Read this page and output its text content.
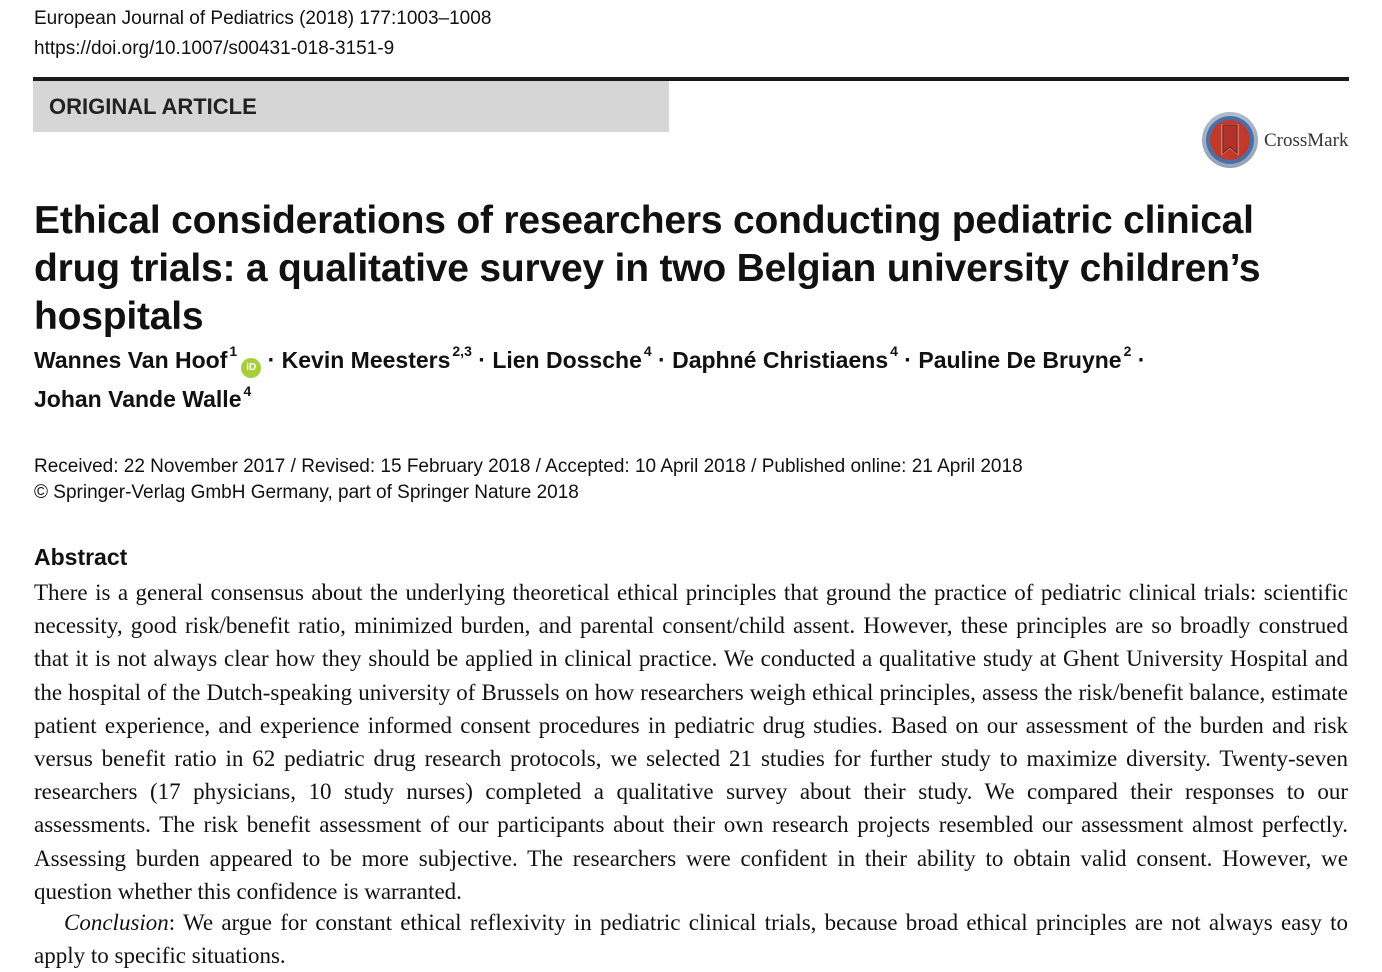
European Journal of Pediatrics (2018) 177:1003–1008
https://doi.org/10.1007/s00431-018-3151-9
ORIGINAL ARTICLE
CrossMark
Ethical considerations of researchers conducting pediatric clinical drug trials: a qualitative survey in two Belgian university children’s hospitals
Wannes Van Hoof $^1$iD · Kevin Meesters $^{2,3}$ · Lien Dossche $^4$ · Daphné Christiaens $^4$ · Pauline De Bruyne $^2$ ·
Johan Vande Walle $^4$
Received: 22 November 2017 / Revised: 15 February 2018 / Accepted: 10 April 2018 / Published online: 21 April 2018
© Springer-Verlag GmbH Germany, part of Springer Nature 2018
Abstract

There is a general consensus about the underlying theoretical ethical principles that ground the practice of pediatric clinical trials: scientific necessity, good risk/benefit ratio, minimized burden, and parental consent/child assent. However, these principles are so broadly construed that it is not always clear how they should be applied in clinical practice. We conducted a qualitative study at Ghent University Hospital and the hospital of the Dutch-speaking university of Brussels on how researchers weigh ethical principles, assess the risk/benefit balance, estimate patient experience, and experience informed consent procedures in pediatric drug studies. Based on our assessment of the burden and risk versus benefit ratio in 62 pediatric drug research protocols, we selected 21 studies for further study to maximize diversity. Twenty-seven researchers (17 physicians, 10 study nurses) completed a qualitative survey about their study. We compared their responses to our assessments. The risk benefit assessment of our participants about their own research projects resembled our assessment almost perfectly. Assessing burden appeared to be more subjective. The researchers were confident in their ability to obtain valid consent. However, we question whether this confidence is warranted.

Conclusion: We argue for constant ethical reflexivity in pediatric clinical trials, because broad ethical principles are not always easy to apply to specific situations.
